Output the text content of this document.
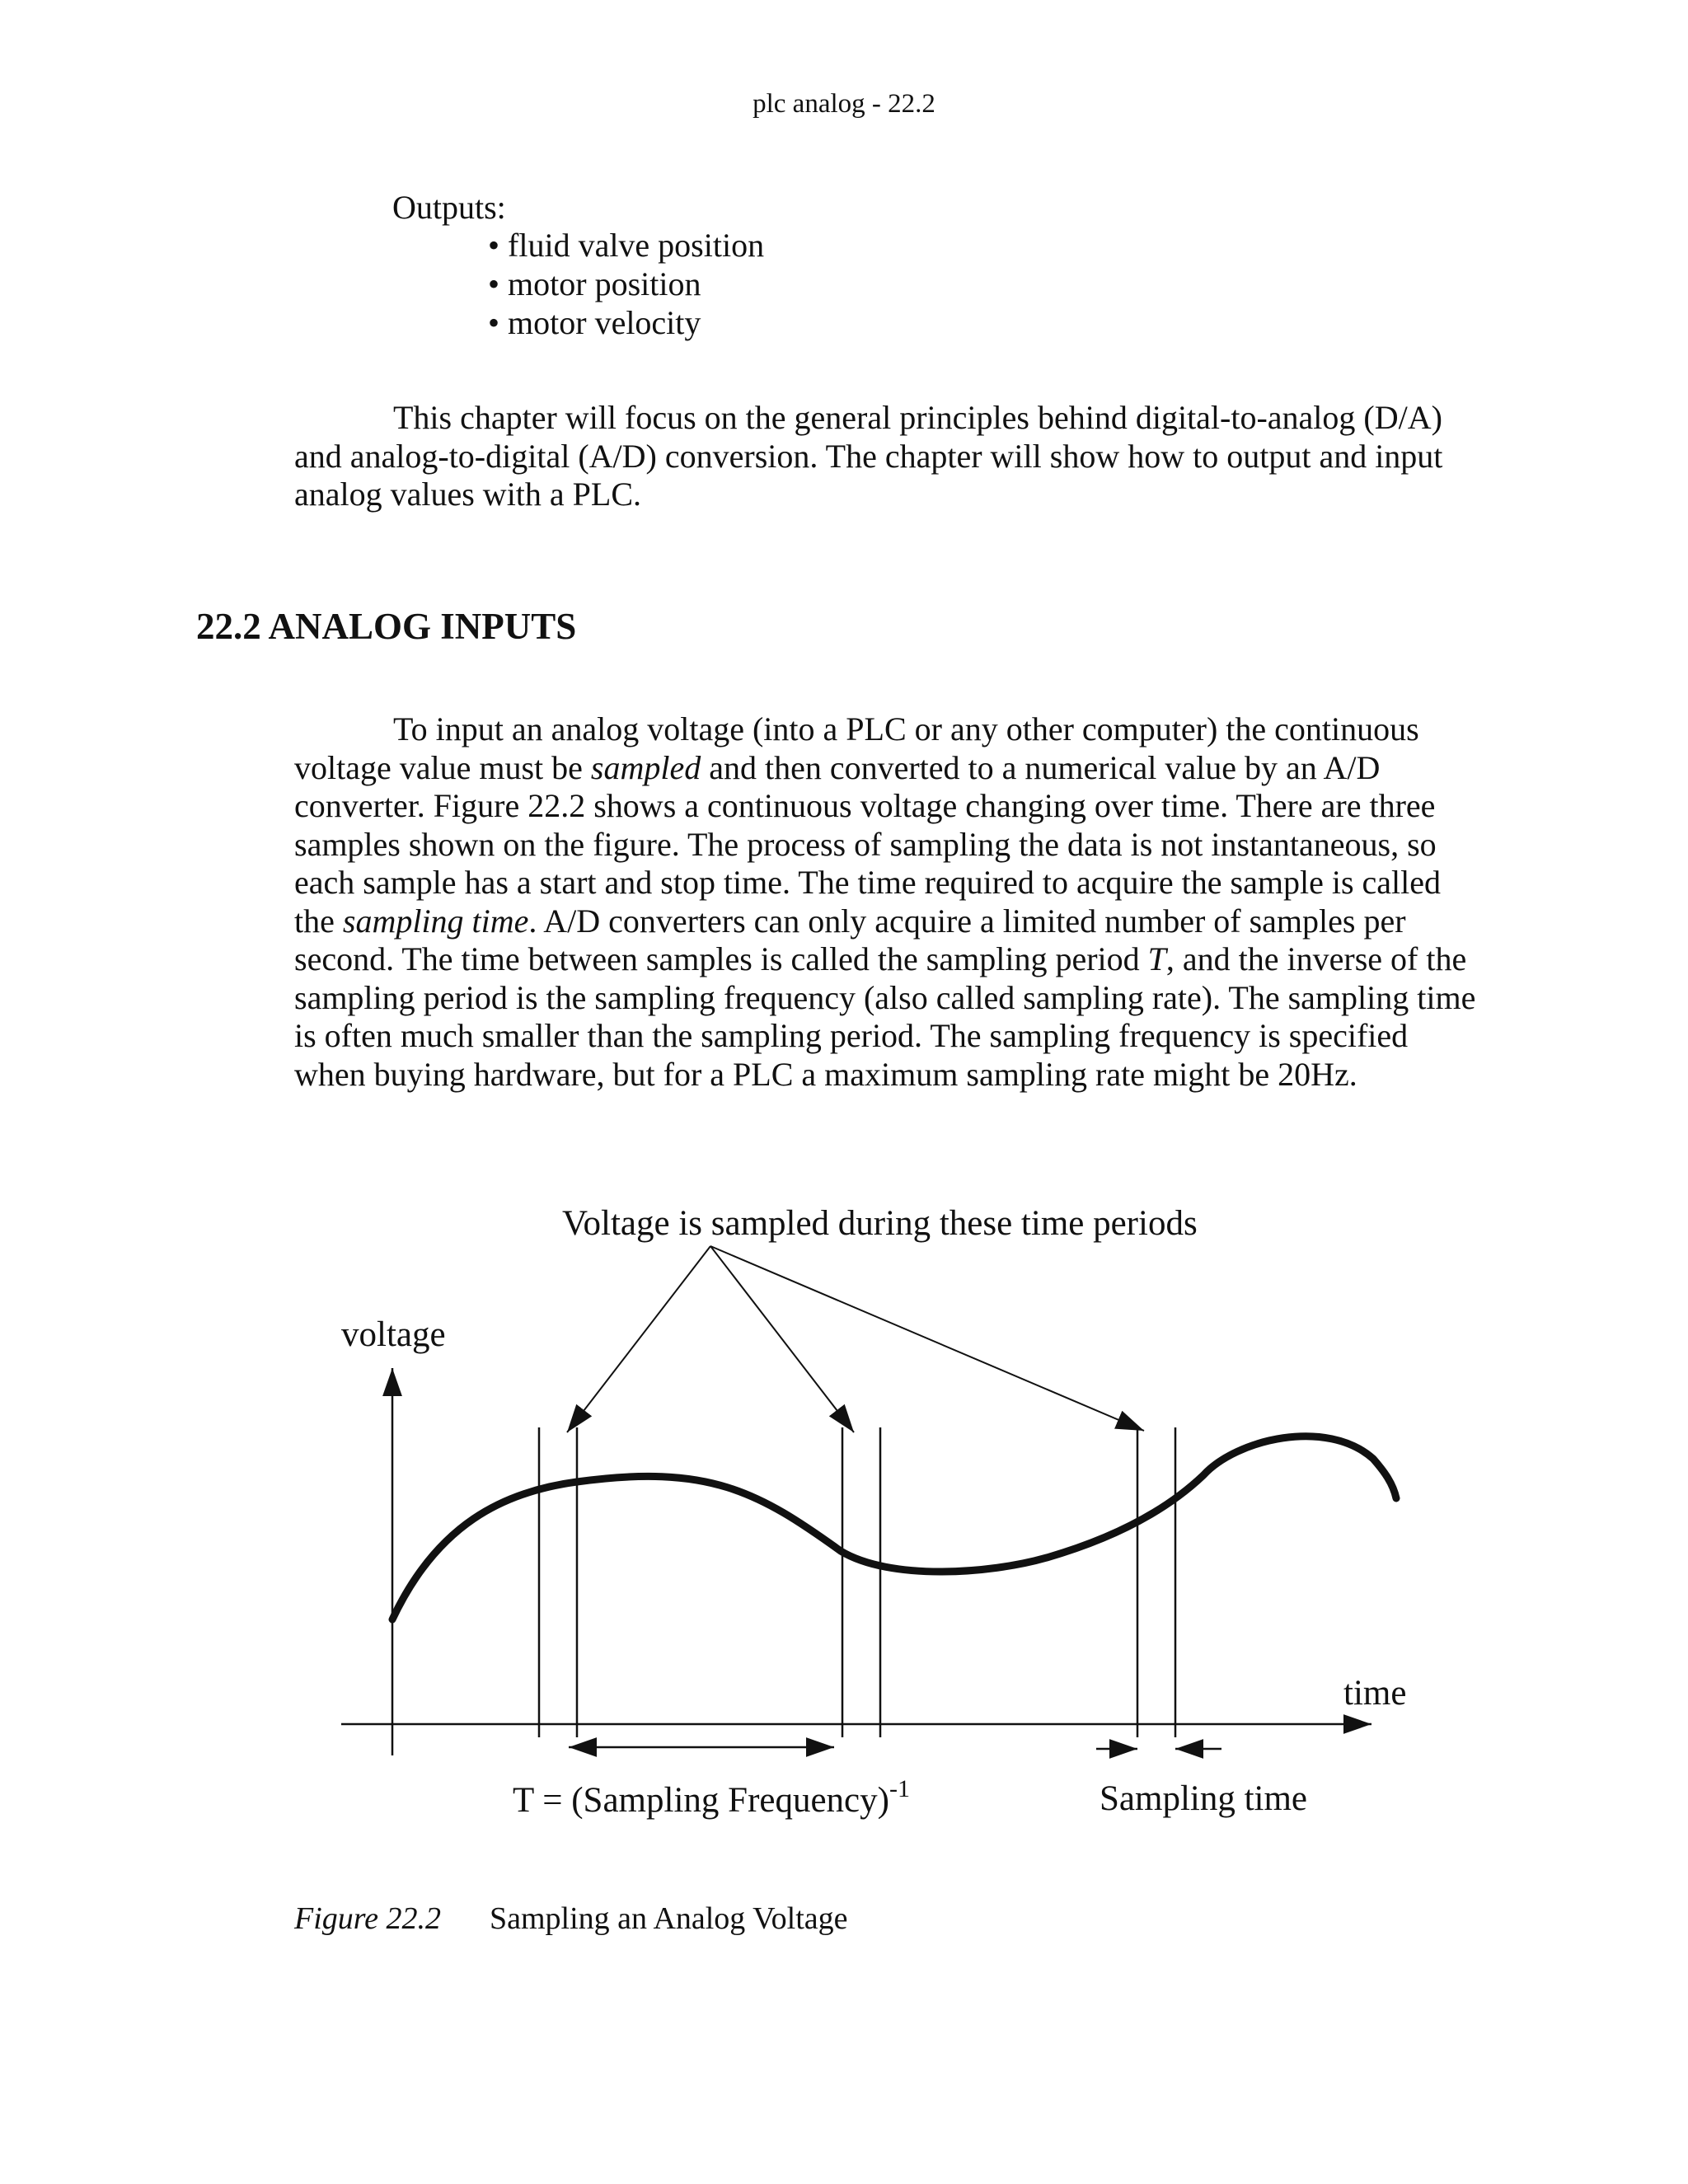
plc analog - 22.2
Outputs:
• fluid valve position
• motor position
• motor velocity

This chapter will focus on the general principles behind digital-to-analog (D/A) and analog-to-digital (A/D) conversion. The chapter will show how to output and input analog values with a PLC.

22.2 ANALOG INPUTS

To input an analog voltage (into a PLC or any other computer) the continuous voltage value must be sampled and then converted to a numerical value by an A/D converter. Figure 22.2 shows a continuous voltage changing over time. There are three samples shown on the figure. The process of sampling the data is not instantaneous, so each sample has a start and stop time. The time required to acquire the sample is called the sampling time. A/D converters can only acquire a limited number of samples per second. The time between samples is called the sampling period T, and the inverse of the sampling period is the sampling frequency (also called sampling rate). The sampling time is often much smaller than the sampling period. The sampling frequency is specified when buying hardware, but for a PLC a maximum sampling rate might be 20Hz.

Voltage is sampled during these time periods
voltage
time
T = (Sampling Frequency)$^{-1}$	Sampling time
Figure 22.2 Sampling an Analog Voltage
